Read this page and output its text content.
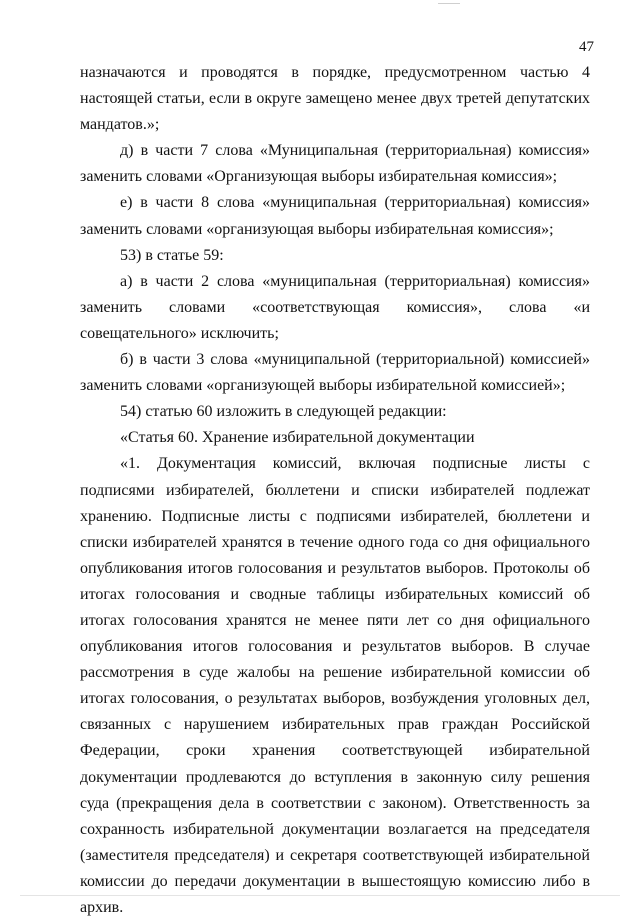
47

назначаются и проводятся в порядке, предусмотренном частью 4 настоящей статьи, если в округе замещено менее двух третей депутатских мандатов.»;

д) в части 7 слова «Муниципальная (территориальная) комиссия» заменить словами «Организующая выборы избирательная комиссия»;

е) в части 8 слова «муниципальная (территориальная) комиссия» заменить словами «организующая выборы избирательная комиссия»;

53) в статье 59:

а) в части 2 слова «муниципальная (территориальная) комиссия» заменить словами «соответствующая комиссия», слова «и совещательного» исключить;

б) в части 3 слова «муниципальной (территориальной) комиссией» заменить словами «организующей выборы избирательной комиссией»;

54) статью 60 изложить в следующей редакции:

«Статья 60. Хранение избирательной документации

«1. Документация комиссий, включая подписные листы с подписями избирателей, бюллетени и списки избирателей подлежат хранению. Подписные листы с подписями избирателей, бюллетени и списки избирателей хранятся в течение одного года со дня официального опубликования итогов голосования и результатов выборов. Протоколы об итогах голосования и сводные таблицы избирательных комиссий об итогах голосования хранятся не менее пяти лет со дня официального опубликования итогов голосования и результатов выборов. В случае рассмотрения в суде жалобы на решение избирательной комиссии об итогах голосования, о результатах выборов, возбуждения уголовных дел, связанных с нарушением избирательных прав граждан Российской Федерации, сроки хранения соответствующей избирательной документации продлеваются до вступления в законную силу решения суда (прекращения дела в соответствии с законом). Ответственность за сохранность избирательной документации возлагается на председателя (заместителя председателя) и секретаря соответствующей избирательной комиссии до передачи документации в вышестоящую комиссию либо в архив.
